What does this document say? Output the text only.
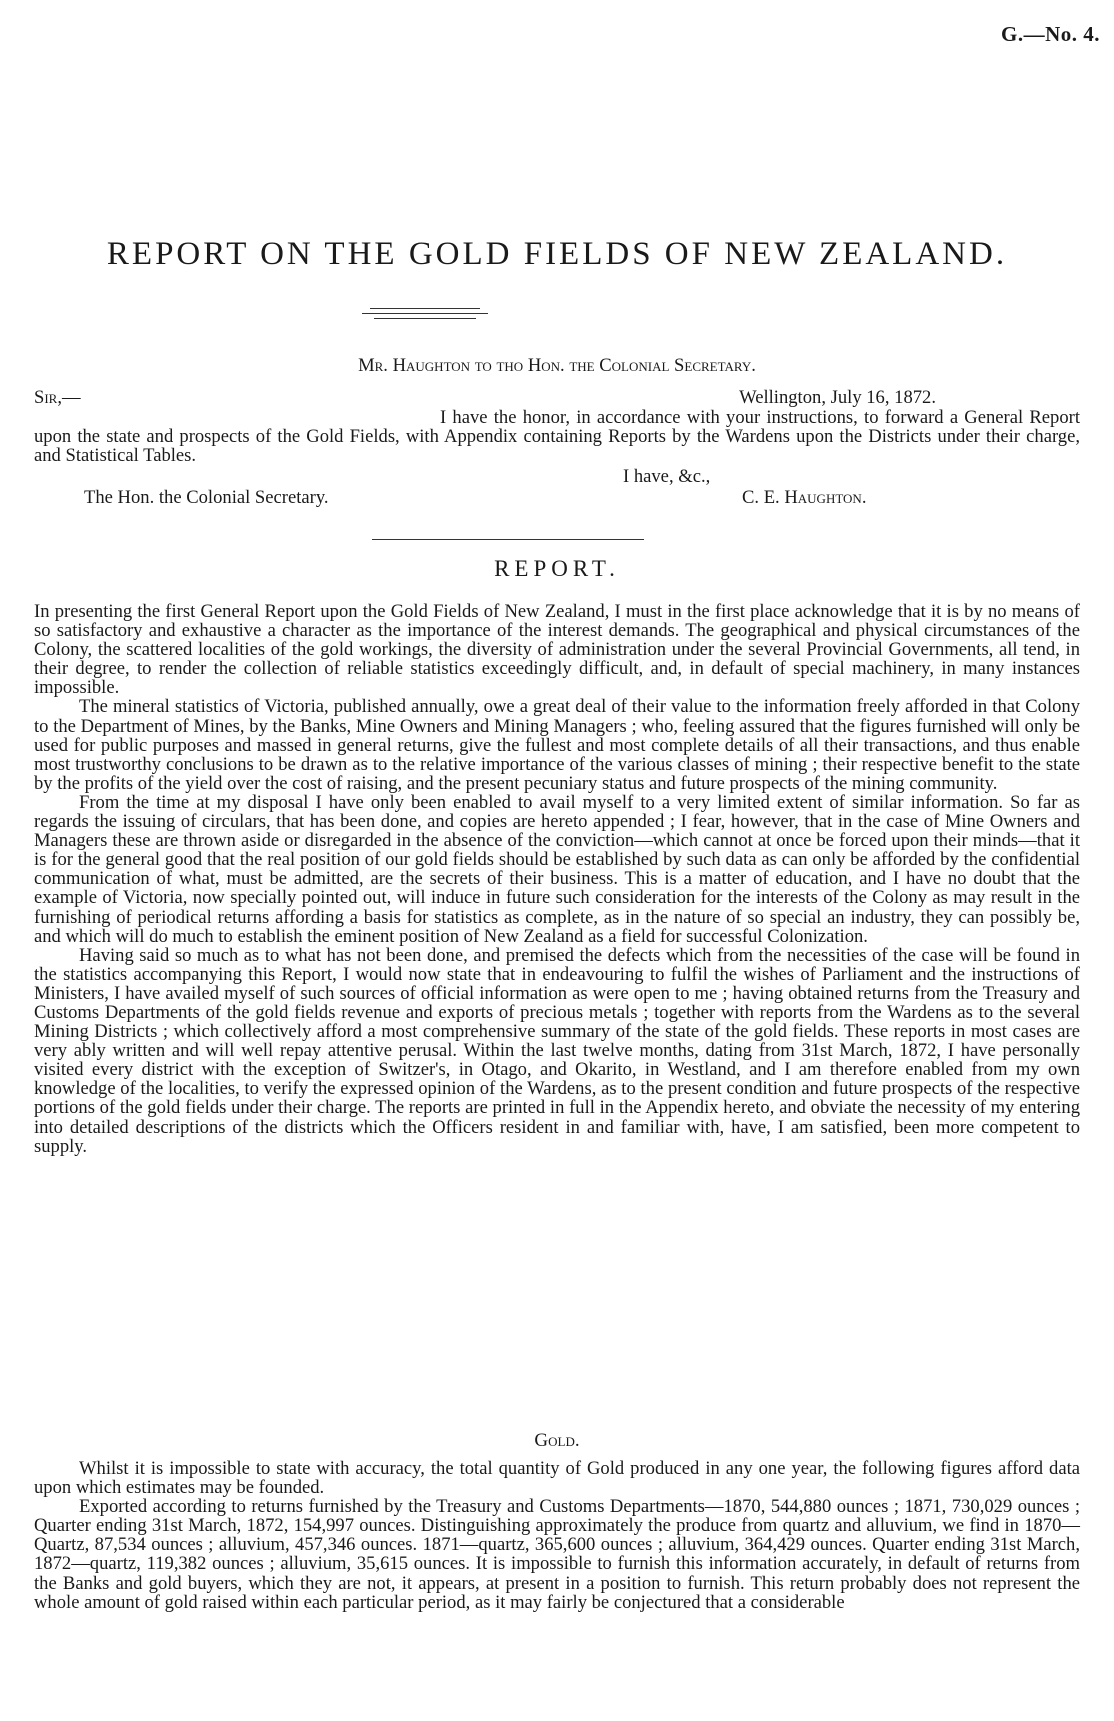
G.—No. 4.
REPORT ON THE GOLD FIELDS OF NEW ZEALAND.
Mr. Haughton to tho Hon. the Colonial Secretary.
Sir,—	Wellington, July 16, 1872.
I have the honor, in accordance with your instructions, to forward a General Report upon the state and prospects of the Gold Fields, with Appendix containing Reports by the Wardens upon the Districts under their charge, and Statistical Tables.
I have, &c.,
The Hon. the Colonial Secretary.	C. E. Haughton.
REPORT.

In presenting the first General Report upon the Gold Fields of New Zealand, I must in the first place acknowledge that it is by no means of so satisfactory and exhaustive a character as the importance of the interest demands. The geographical and physical circumstances of the Colony, the scattered localities of the gold workings, the diversity of administration under the several Provincial Governments, all tend, in their degree, to render the collection of reliable statistics exceedingly difficult, and, in default of special machinery, in many instances impossible.

The mineral statistics of Victoria, published annually, owe a great deal of their value to the information freely afforded in that Colony to the Department of Mines, by the Banks, Mine Owners and Mining Managers ; who, feeling assured that the figures furnished will only be used for public purposes and massed in general returns, give the fullest and most complete details of all their transactions, and thus enable most trustworthy conclusions to be drawn as to the relative importance of the various classes of mining ; their respective benefit to the state by the profits of the yield over the cost of raising, and the present pecuniary status and future prospects of the mining community.

From the time at my disposal I have only been enabled to avail myself to a very limited extent of similar information. So far as regards the issuing of circulars, that has been done, and copies are hereto appended ; I fear, however, that in the case of Mine Owners and Managers these are thrown aside or disregarded in the absence of the conviction—which cannot at once be forced upon their minds—that it is for the general good that the real position of our gold fields should be established by such data as can only be afforded by the confidential communication of what, must be admitted, are the secrets of their business. This is a matter of education, and I have no doubt that the example of Victoria, now specially pointed out, will induce in future such consideration for the interests of the Colony as may result in the furnishing of periodical returns affording a basis for statistics as complete, as in the nature of so special an industry, they can possibly be, and which will do much to establish the eminent position of New Zealand as a field for successful Colonization.

Having said so much as to what has not been done, and premised the defects which from the necessities of the case will be found in the statistics accompanying this Report, I would now state that in endeavouring to fulfil the wishes of Parliament and the instructions of Ministers, I have availed myself of such sources of official information as were open to me ; having obtained returns from the Treasury and Customs Departments of the gold fields revenue and exports of precious metals ; together with reports from the Wardens as to the several Mining Districts ; which collectively afford a most comprehensive summary of the state of the gold fields. These reports in most cases are very ably written and will well repay attentive perusal. Within the last twelve months, dating from 31st March, 1872, I have personally visited every district with the exception of Switzer's, in Otago, and Okarito, in Westland, and I am therefore enabled from my own knowledge of the localities, to verify the expressed opinion of the Wardens, as to the present condition and future prospects of the respective portions of the gold fields under their charge. The reports are printed in full in the Appendix hereto, and obviate the necessity of my entering into detailed descriptions of the districts which the Officers resident in and familiar with, have, I am satisfied, been more competent to supply.

Gold.

Whilst it is impossible to state with accuracy, the total quantity of Gold produced in any one year, the following figures afford data upon which estimates may be founded.

Exported according to returns furnished by the Treasury and Customs Departments—1870, 544,880 ounces ; 1871, 730,029 ounces ; Quarter ending 31st March, 1872, 154,997 ounces. Distinguishing approximately the produce from quartz and alluvium, we find in 1870—Quartz, 87,534 ounces ; alluvium, 457,346 ounces. 1871—quartz, 365,600 ounces ; alluvium, 364,429 ounces. Quarter ending 31st March, 1872—quartz, 119,382 ounces ; alluvium, 35,615 ounces. It is impossible to furnish this information accurately, in default of returns from the Banks and gold buyers, which they are not, it appears, at present in a position to furnish. This return probably does not represent the whole amount of gold raised within each particular period, as it may fairly be conjectured that a considerable
